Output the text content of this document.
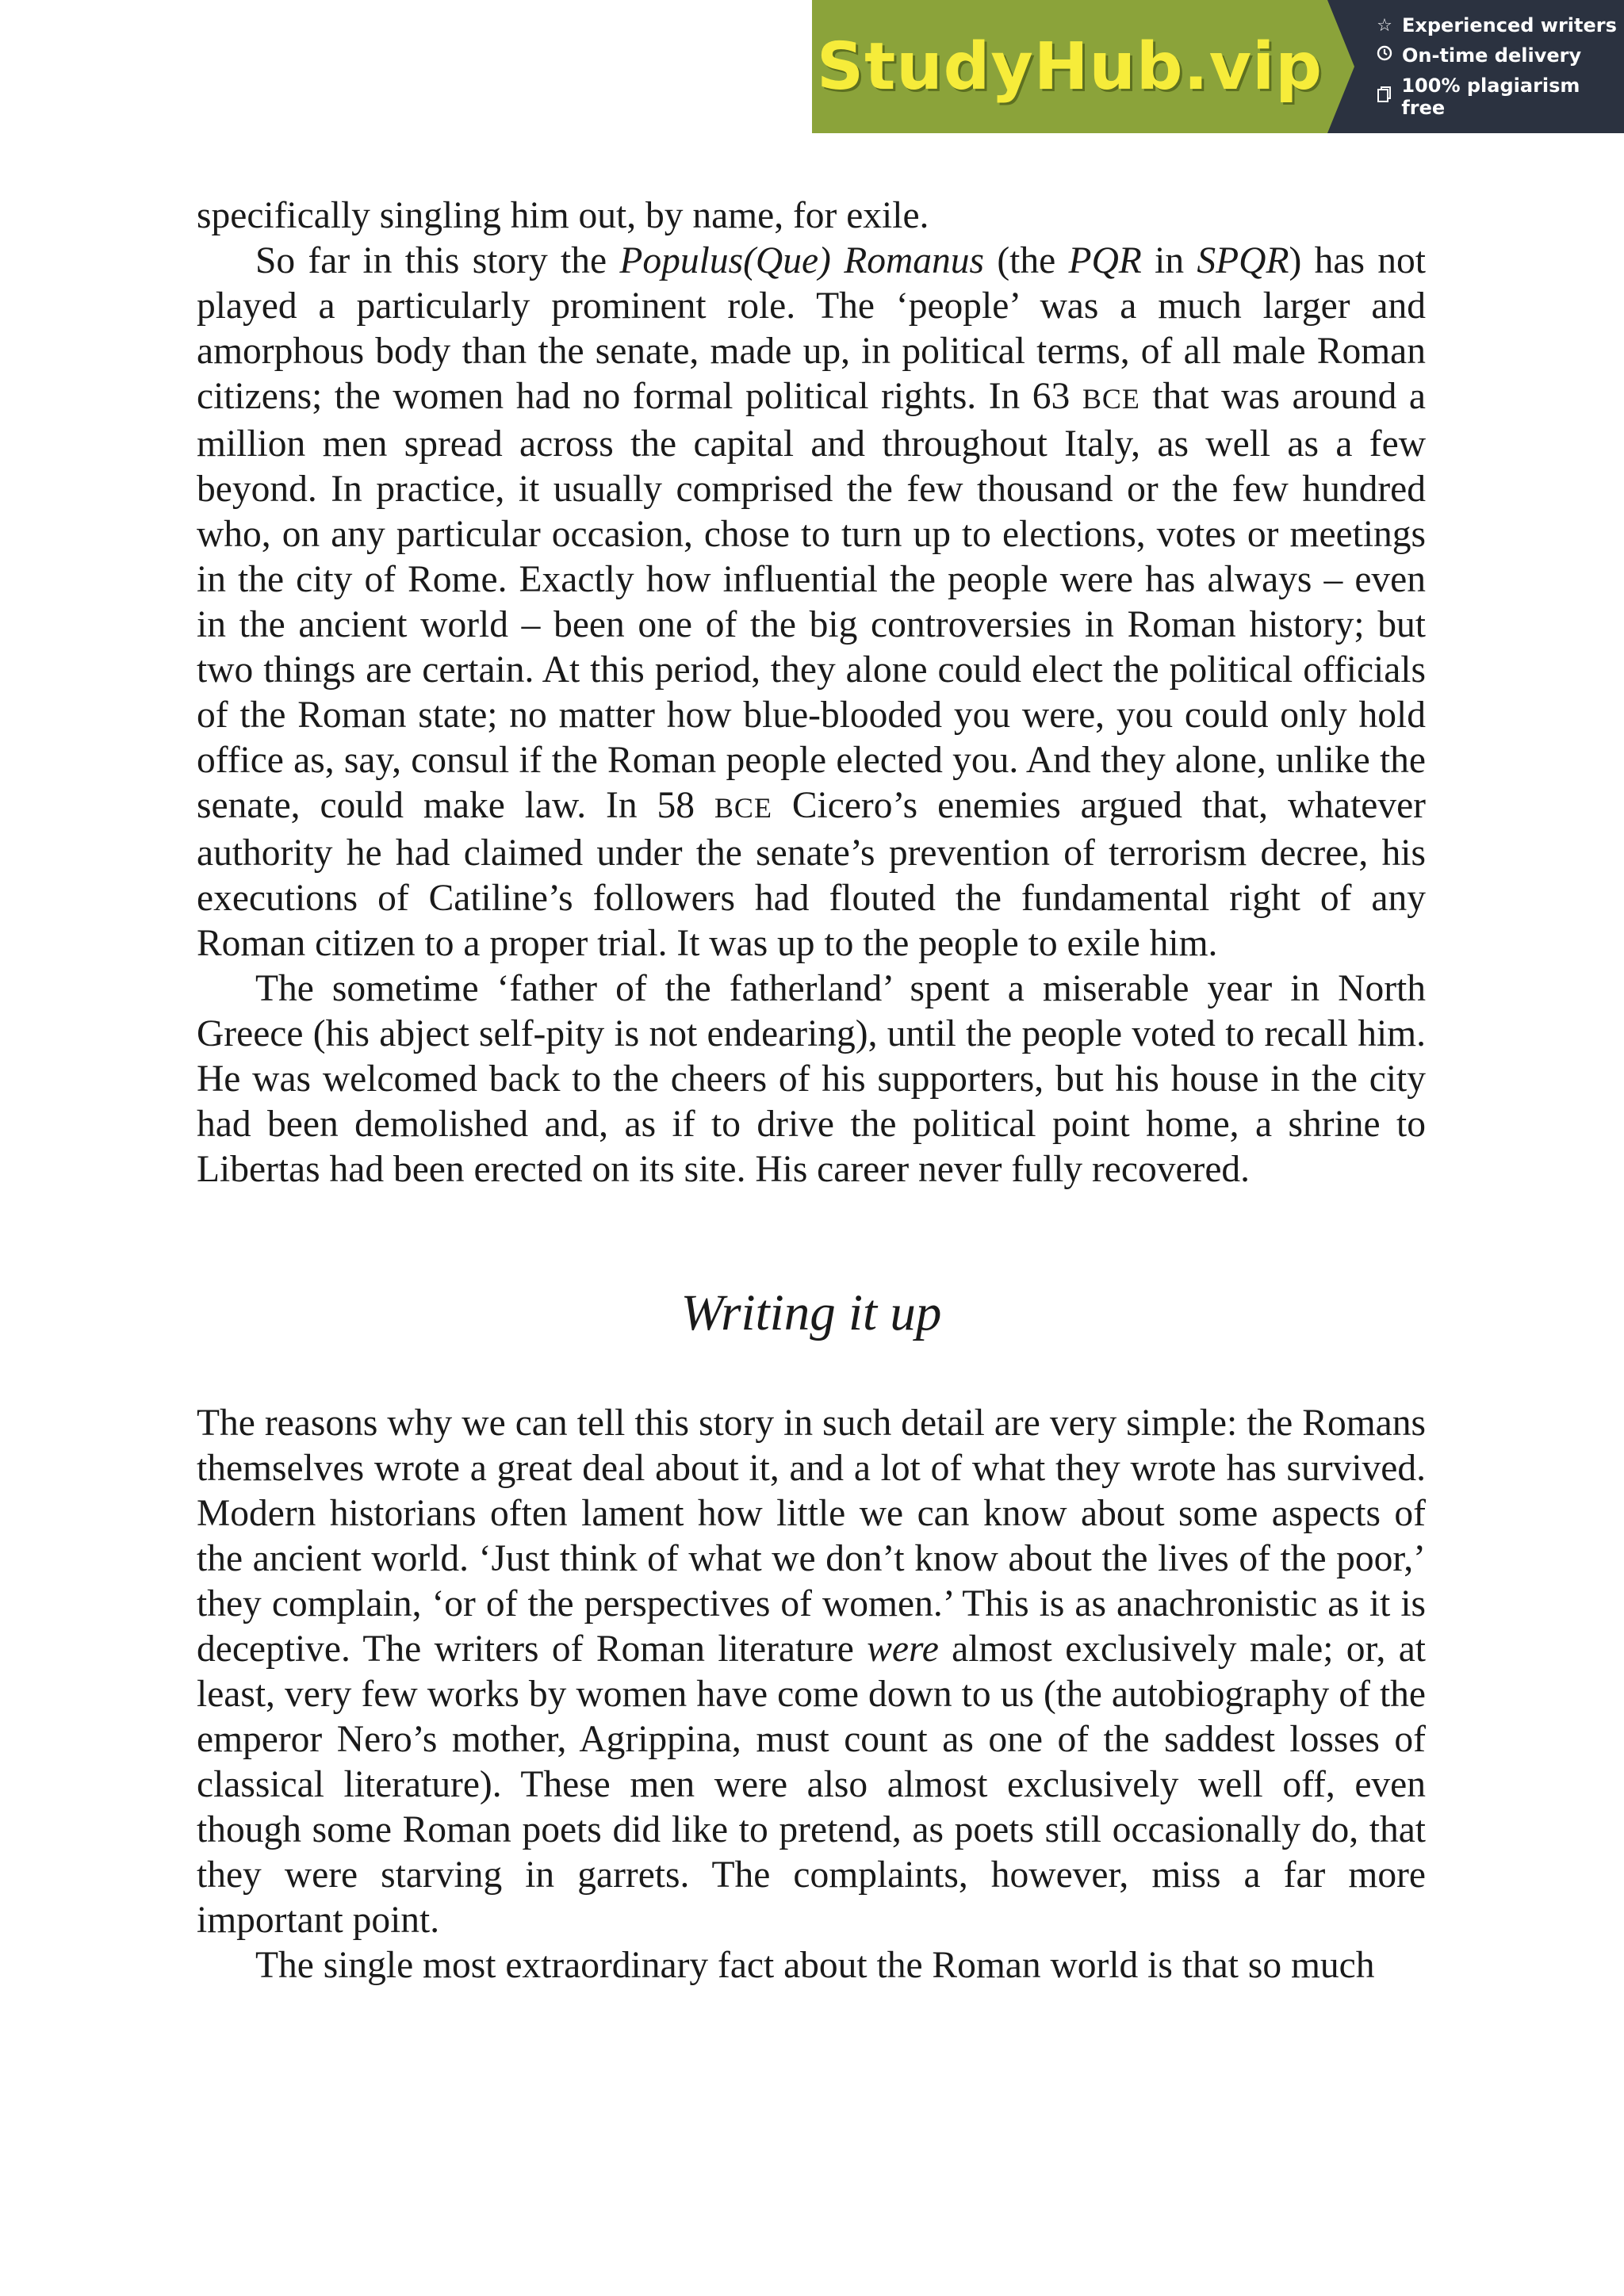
StudyHub.vip
☆ Experienced writers
On-time delivery
100% plagiarism free

specifically singling him out, by name, for exile.

So far in this story the Populus(Que) Romanus (the PQR in SPQR) has not played a particularly prominent role. The ‘people’ was a much larger and amorphous body than the senate, made up, in political terms, of all male Roman citizens; the women had no formal political rights. In 63 BCE that was around a million men spread across the capital and throughout Italy, as well as a few beyond. In practice, it usually comprised the few thousand or the few hundred who, on any particular occasion, chose to turn up to elections, votes or meetings in the city of Rome. Exactly how influential the people were has always – even in the ancient world – been one of the big controversies in Roman history; but two things are certain. At this period, they alone could elect the political officials of the Roman state; no matter how blue-blooded you were, you could only hold office as, say, consul if the Roman people elected you. And they alone, unlike the senate, could make law. In 58 BCE Cicero’s enemies argued that, whatever authority he had claimed under the senate’s prevention of terrorism decree, his executions of Catiline’s followers had flouted the fundamental right of any Roman citizen to a proper trial. It was up to the people to exile him.

The sometime ‘father of the fatherland’ spent a miserable year in North Greece (his abject self-pity is not endearing), until the people voted to recall him. He was welcomed back to the cheers of his supporters, but his house in the city had been demolished and, as if to drive the political point home, a shrine to Libertas had been erected on its site. His career never fully recovered.

Writing it up

The reasons why we can tell this story in such detail are very simple: the Romans themselves wrote a great deal about it, and a lot of what they wrote has survived. Modern historians often lament how little we can know about some aspects of the ancient world. ‘Just think of what we don’t know about the lives of the poor,’ they complain, ‘or of the perspectives of women.’ This is as anachronistic as it is deceptive. The writers of Roman literature were almost exclusively male; or, at least, very few works by women have come down to us (the autobiography of the emperor Nero’s mother, Agrippina, must count as one of the saddest losses of classical literature). These men were also almost exclusively well off, even though some Roman poets did like to pretend, as poets still occasionally do, that they were starving in garrets. The complaints, however, miss a far more important point.

The single most extraordinary fact about the Roman world is that so much
